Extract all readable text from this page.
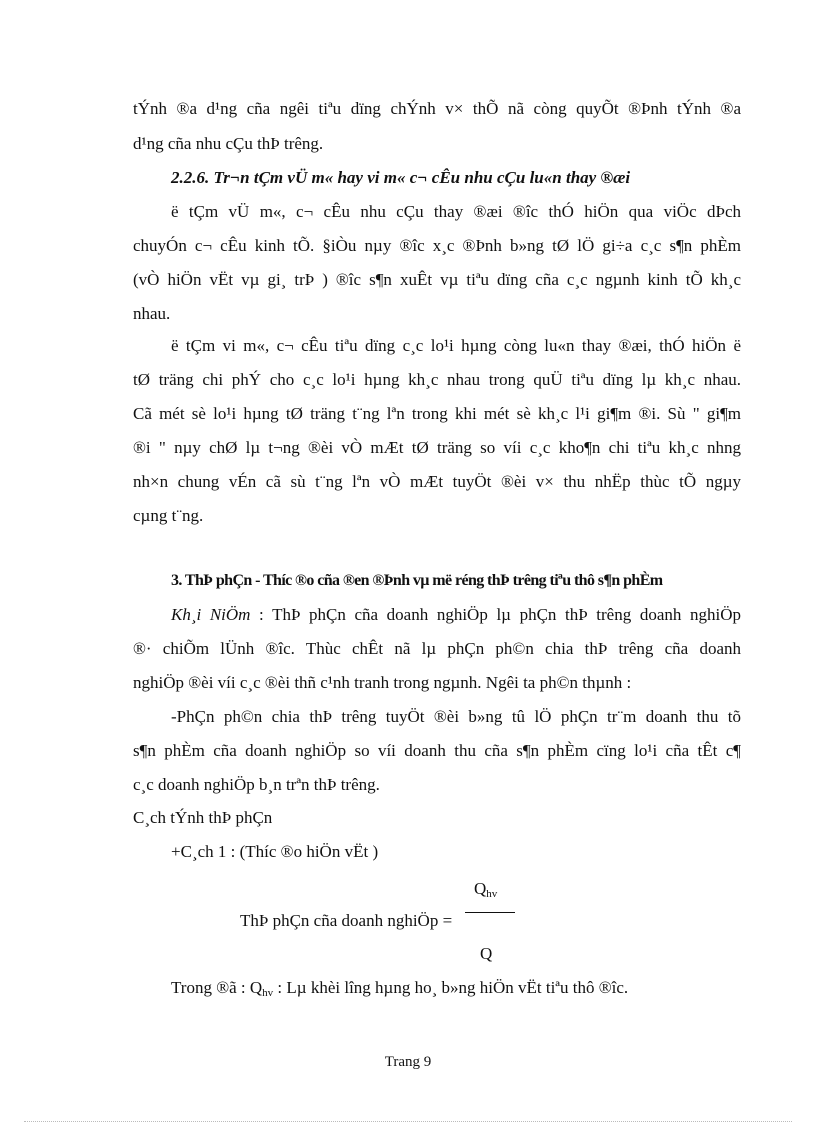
tÝnh ®a d¹ng cña ngêi tiªu dïng chÝnh v× thÕ nã còng quyÕt ®Þnh tÝnh ®a
d¹ng cña nhu cÇu thÞ trêng.
2.2.6. Tr¬n tÇm vÜ m« hay vi m« c¬ cÊu nhu cÇu lu«n thay ®æi
ë tÇm vÜ m«, c¬ cÊu nhu cÇu thay ®æi ®îc thÓ hiÖn qua viÖc dÞch
chuyÓn c¬ cÊu kinh tÕ. §iÒu nµy ®îc x¸c ®Þnh b»ng tØ lÖ gi÷a c¸c s¶n phÈm
(vÒ hiÖn vËt vµ gi¸ trÞ ) ®îc s¶n xuÊt vµ tiªu dïng cña c¸c ngµnh kinh tÕ kh¸c
nhau.
ë tÇm vi m«, c¬ cÊu tiªu dïng c¸c lo¹i hµng còng lu«n thay ®æi, thÓ hiÖn ë
tØ träng chi phÝ cho c¸c lo¹i hµng kh¸c nhau trong quÜ tiªu dïng lµ kh¸c nhau.
Cã mét sè lo¹i hµng tØ träng t¨ng lªn trong khi mét sè kh¸c l¹i gi¶m ®i. Sù " gi¶m
®i " nµy chØ lµ t¬ng ®èi vÒ mÆt tØ träng so víi c¸c kho¶n chi tiªu kh¸c nhng
nh×n chung vÉn cã sù t¨ng lªn vÒ mÆt tuyÖt ®èi v× thu nhËp thùc tÕ ngµy
cµng t¨ng.
3. ThÞ phÇn - Thíc ®o cña ®en ®Þnh vµ më réng thÞ trêng tiªu thô s¶n phÈm
Kh¸i NiÖm : ThÞ phÇn cña doanh nghiÖp lµ phÇn thÞ trêng doanh nghiÖp
®· chiÕm lÜnh ®îc. Thùc chÊt nã lµ phÇn ph©n chia thÞ trêng cña doanh
nghiÖp ®èi víi c¸c ®èi thñ c¹nh tranh trong ngµnh. Ngêi ta ph©n thµnh :
-PhÇn ph©n chia thÞ trêng tuyÖt ®èi b»ng tû lÖ phÇn tr¨m doanh thu tõ
s¶n phÈm cña doanh nghiÖp so víi doanh thu cña s¶n phÈm cïng lo¹i cña tÊt c¶
c¸c doanh nghiÖp b¸n trªn thÞ trêng.
C¸ch tÝnh thÞ phÇn
+C¸ch 1 : (Thíc ®o hiÖn vËt )
$Q_{hv}$
ThÞ phÇn cña doanh nghiÖp =
Q
Trong ®ã : $Q_{hv}$ : Lµ khèi lîng hµng ho¸ b»ng hiÖn vËt tiªu thô ®îc.
Trang 9
